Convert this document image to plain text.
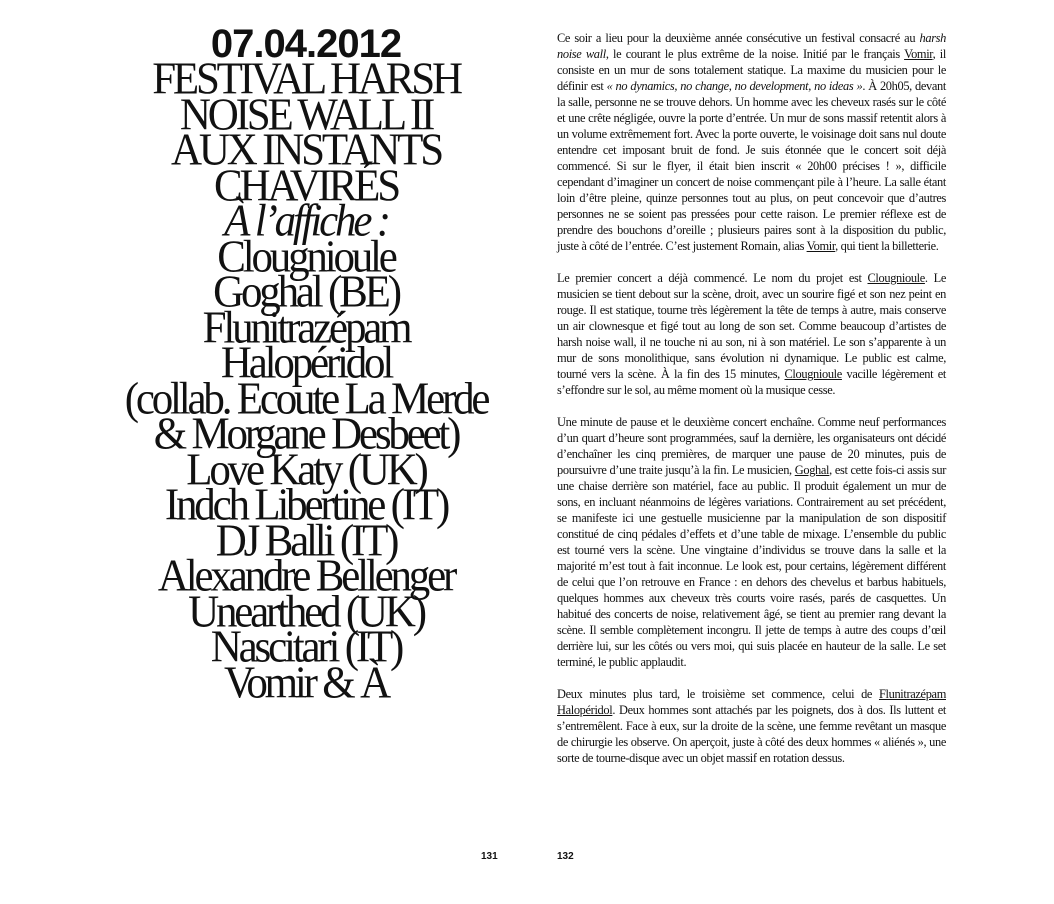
07.04.2012
FESTIVAL HARSH
NOISE WALL II
AUX INSTANTS
CHAVIRÉS
À l’affiche :
Clougnioule
Goghal (BE)
Flunitrazépam
Halopéridol
(collab. Ecoute La Merde
& Morgane Desbeet)
Love Katy (UK)
Indch Libertine (IT)
DJ Balli (IT)
Alexandre Bellenger
Unearthed (UK)
Nascitari (IT)
Vomir & À
131

Ce soir a lieu pour la deuxième année consécutive un festival consacré au harsh noise wall, le courant le plus extrême de la noise. Initié par le français Vomir, il consiste en un mur de sons totalement statique. La maxime du musicien pour le définir est « no dynamics, no change, no development, no ideas ». À 20h05, devant la salle, personne ne se trouve dehors. Un homme avec les cheveux rasés sur le côté et une crête négligée, ouvre la porte d’entrée. Un mur de sons massif retentit alors à un volume extrêmement fort. Avec la porte ouverte, le voisinage doit sans nul doute entendre cet imposant bruit de fond. Je suis étonnée que le concert soit déjà commencé. Si sur le flyer, il était bien inscrit « 20h00 précises ! », difficile cependant d’imaginer un concert de noise commençant pile à l’heure. La salle étant loin d’être pleine, quinze personnes tout au plus, on peut concevoir que d’autres personnes ne se soient pas pressées pour cette raison. Le premier réflexe est de prendre des bouchons d’oreille ; plusieurs paires sont à la disposition du public, juste à côté de l’entrée. C’est justement Romain, alias Vomir, qui tient la billetterie.

Le premier concert a déjà commencé. Le nom du projet est Clougnioule. Le musicien se tient debout sur la scène, droit, avec un sourire figé et son nez peint en rouge. Il est statique, tourne très légèrement la tête de temps à autre, mais conserve un air clownesque et figé tout au long de son set. Comme beaucoup d’artistes de harsh noise wall, il ne touche ni au son, ni à son matériel. Le son s’apparente à un mur de sons monolithique, sans évolution ni dynamique. Le public est calme, tourné vers la scène. À la fin des 15 minutes, Clougnioule vacille légèrement et s’effondre sur le sol, au même moment où la musique cesse.

Une minute de pause et le deuxième concert enchaîne. Comme neuf performances d’un quart d’heure sont programmées, sauf la dernière, les organisateurs ont décidé d’enchaîner les cinq premières, de marquer une pause de 20 minutes, puis de poursuivre d’une traite jusqu’à la fin. Le musicien, Goghal, est cette fois-ci assis sur une chaise derrière son matériel, face au public. Il produit également un mur de sons, en incluant néanmoins de légères variations. Contrairement au set précédent, se manifeste ici une gestuelle musicienne par la manipulation de son dispositif constitué de cinq pédales d’effets et d’une table de mixage. L’ensemble du public est tourné vers la scène. Une vingtaine d’individus se trouve dans la salle et la majorité m’est tout à fait inconnue. Le look est, pour certains, légèrement différent de celui que l’on retrouve en France : en dehors des chevelus et barbus habituels, quelques hommes aux cheveux très courts voire rasés, parés de casquettes. Un habitué des concerts de noise, relativement âgé, se tient au premier rang devant la scène. Il semble complètement incongru. Il jette de temps à autre des coups d’œil derrière lui, sur les côtés ou vers moi, qui suis placée en hauteur de la salle. Le set terminé, le public applaudit.

Deux minutes plus tard, le troisième set commence, celui de Flunitrazépam Halopéridol. Deux hommes sont attachés par les poignets, dos à dos. Ils luttent et s’entremêlent. Face à eux, sur la droite de la scène, une femme revêtant un masque de chirurgie les observe. On aperçoit, juste à côté des deux hommes « aliénés », une sorte de tourne-disque avec un objet massif en rotation dessus.

132
